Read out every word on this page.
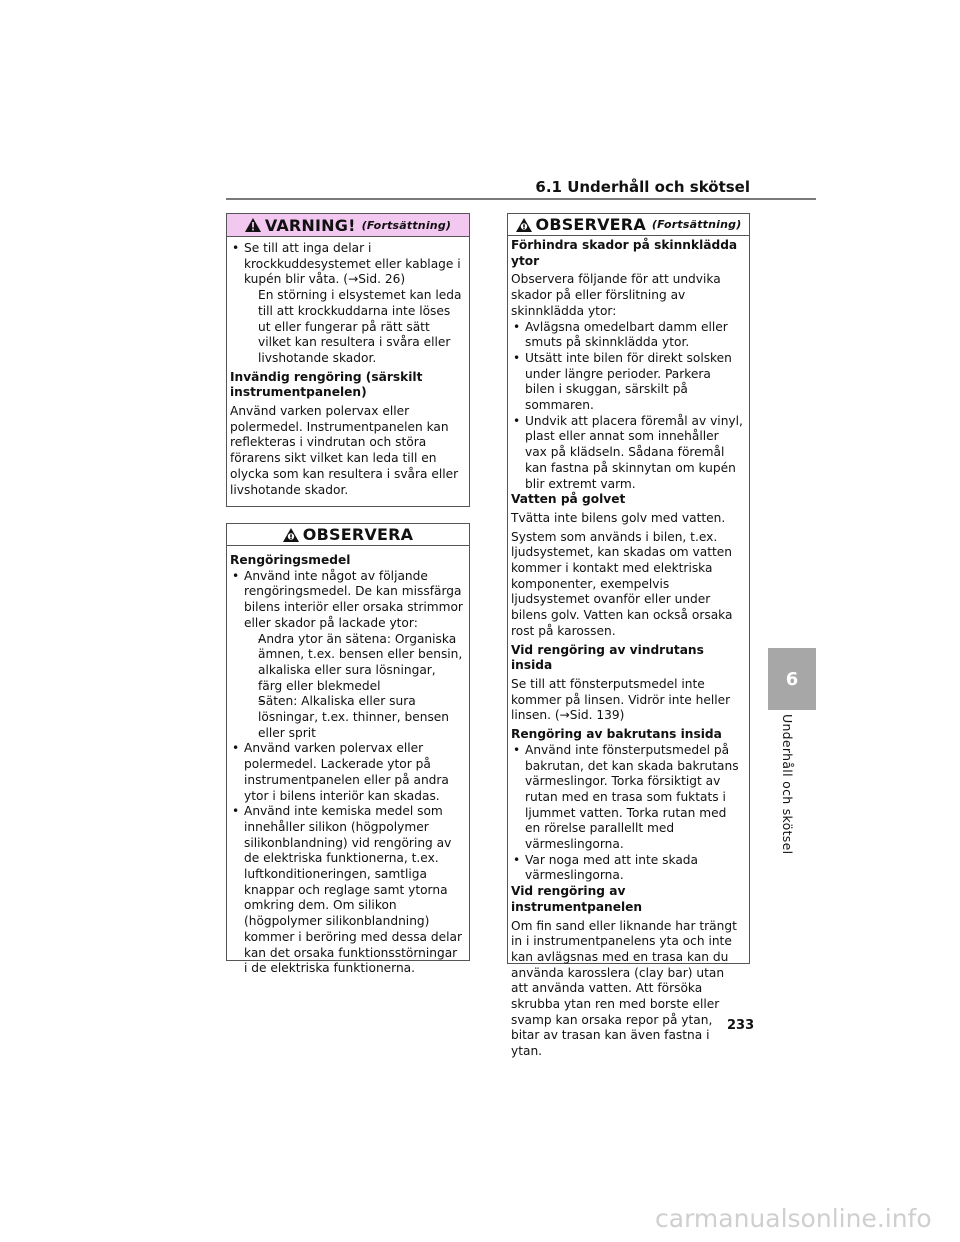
6.1 Underhåll och skötsel
VARNING! (Fortsättning)
• Se till att inga delar i krockkuddesystemet eller kablage i kupén blir våta. (→Sid. 26)

En störning i elsystemet kan leda till att krockkuddarna inte löses ut eller fungerar på rätt sätt vilket kan resultera i svåra eller livshotande skador.

Invändig rengöring (särskilt instrumentpanelen)

Använd varken polervax eller polermedel. Instrumentpanelen kan reflekteras i vindrutan och störa förarens sikt vilket kan leda till en olycka som kan resultera i svåra eller livshotande skador.

OBSERVERA

Rengöringsmedel

• Använd inte något av följande rengöringsmedel. De kan missfärga bilens interiör eller orsaka strimmor eller skador på lackade ytor:
– Andra ytor än sätena: Organiska ämnen, t.ex. bensen eller bensin, alkaliska eller sura lösningar, färg eller blekmedel
– Säten: Alkaliska eller sura lösningar, t.ex. thinner, bensen eller sprit
• Använd varken polervax eller polermedel. Lackerade ytor på instrumentpanelen eller på andra ytor i bilens interiör kan skadas.
• Använd inte kemiska medel som innehåller silikon (högpolymer silikonblandning) vid rengöring av de elektriska funktionerna, t.ex. luftkonditioneringen, samtliga knappar och reglage samt ytorna omkring dem. Om silikon (högpolymer silikonblandning) kommer i beröring med dessa delar kan det orsaka funktionsstörningar i de elektriska funktionerna.
OBSERVERA (Fortsättning)

Förhindra skador på skinnklädda ytor

Observera följande för att undvika skador på eller förslitning av skinnklädda ytor:

• Avlägsna omedelbart damm eller smuts på skinnklädda ytor.
• Utsätt inte bilen för direkt solsken under längre perioder. Parkera bilen i skuggan, särskilt på sommaren.
• Undvik att placera föremål av vinyl, plast eller annat som innehåller vax på klädseln. Sådana föremål kan fastna på skinnytan om kupén blir extremt varm.

Vatten på golvet

Tvätta inte bilens golv med vatten.

System som används i bilen, t.ex. ljudsystemet, kan skadas om vatten kommer i kontakt med elektriska komponenter, exempelvis ljudsystemet ovanför eller under bilens golv. Vatten kan också orsaka rost på karossen.

Vid rengöring av vindrutans insida

Se till att fönsterputsmedel inte kommer på linsen. Vidrör inte heller linsen. (→Sid. 139)

Rengöring av bakrutans insida

• Använd inte fönsterputsmedel på bakrutan, det kan skada bakrutans värmeslingor. Torka försiktigt av rutan med en trasa som fuktats i ljummet vatten. Torka rutan med en rörelse parallellt med värmeslingorna.
• Var noga med att inte skada värmeslingorna.

Vid rengöring av instrumentpanelen

Om fin sand eller liknande har trängt in i instrumentpanelens yta och inte kan avlägsnas med en trasa kan du använda karosslera (clay bar) utan att använda vatten. Att försöka skrubba ytan ren med borste eller svamp kan orsaka repor på ytan, bitar av trasan kan även fastna i ytan.

6
Underhåll och skötsel
233
carmanualsonline.info
